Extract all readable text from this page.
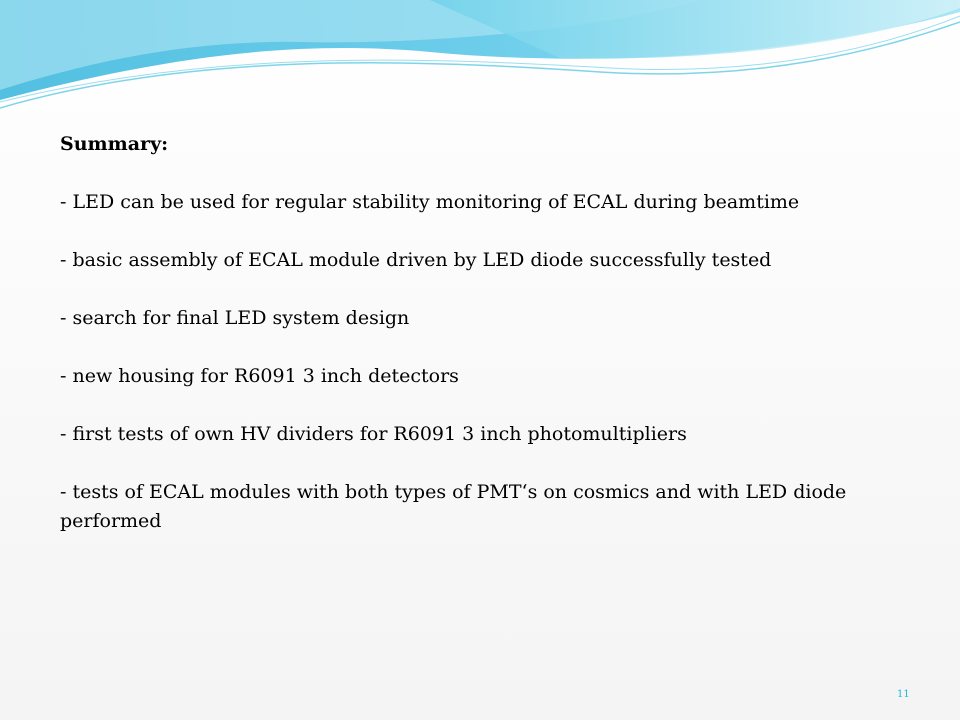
Summary:
- LED can be used for regular stability monitoring of ECAL during beamtime
- basic assembly of ECAL module driven by LED diode successfully tested
- search for final LED system design
- new housing for R6091 3 inch detectors
- first tests of own HV dividers for R6091 3 inch photomultipliers
- tests of ECAL modules with both types of PMT‘s on cosmics and with LED diode performed
11
